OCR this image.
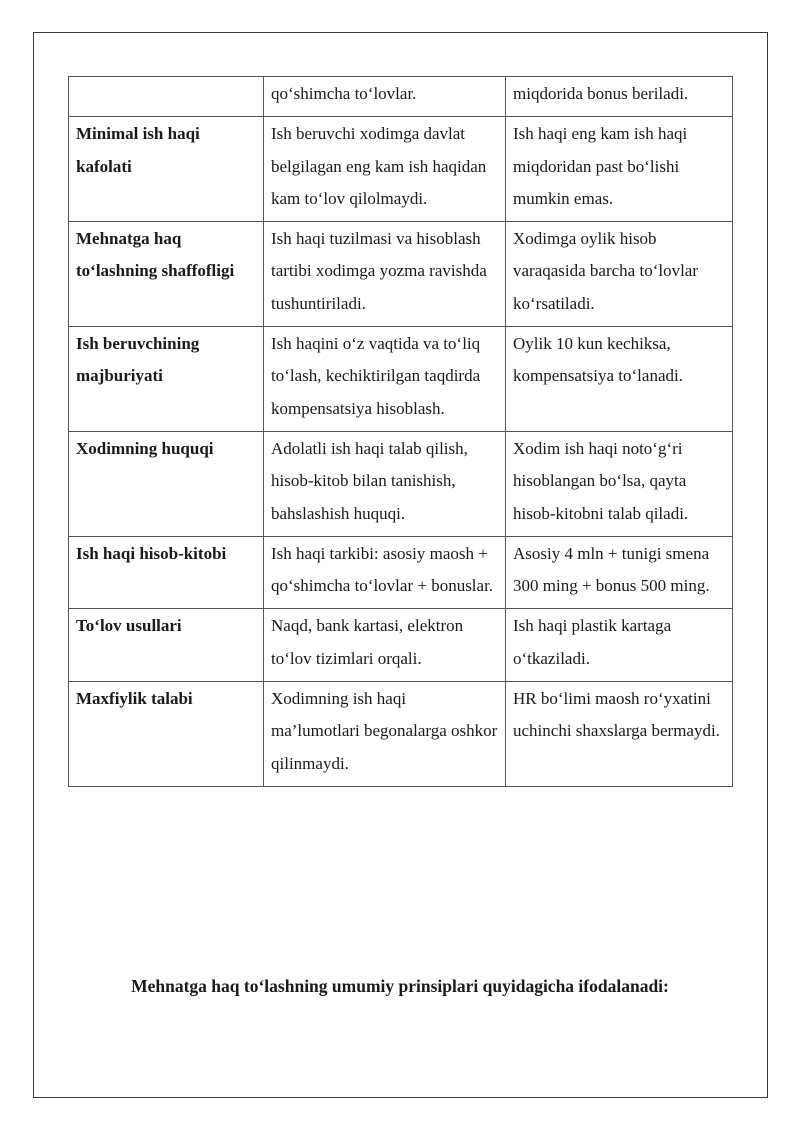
	qo‘shimcha to‘lovlar.	miqdorida bonus beriladi.
Minimal ish haqi kafolati	Ish beruvchi xodimga davlat belgilagan eng kam ish haqidan kam to‘lov qilolmaydi.	Ish haqi eng kam ish haqi miqdoridan past bo‘lishi mumkin emas.
Mehnatga haq to‘lashning shaffofligi	Ish haqi tuzilmasi va hisoblash tartibi xodimga yozma ravishda tushuntiriladi.	Xodimga oylik hisob varaqasida barcha to‘lovlar ko‘rsatiladi.
Ish beruvchining majburiyati	Ish haqini o‘z vaqtida va to‘liq to‘lash, kechiktirilgan taqdirda kompensatsiya hisoblash.	Oylik 10 kun kechiksa, kompensatsiya to‘lanadi.
Xodimning huquqi	Adolatli ish haqi talab qilish, hisob-kitob bilan tanishish, bahslashish huquqi.	Xodim ish haqi noto‘g‘ri hisoblangan bo‘lsa, qayta hisob-kitobni talab qiladi.
Ish haqi hisob-kitobi	Ish haqi tarkibi: asosiy maosh + qo‘shimcha to‘lovlar + bonuslar.	Asosiy 4 mln + tunigi smena 300 ming + bonus 500 ming.
To‘lov usullari	Naqd, bank kartasi, elektron to‘lov tizimlari orqali.	Ish haqi plastik kartaga o‘tkaziladi.
Maxfiylik talabi	Xodimning ish haqi ma’lumotlari begonalarga oshkor qilinmaydi.	HR bo‘limi maosh ro‘yxatini uchinchi shaxslarga bermaydi.
Mehnatga haq to‘lashning umumiy prinsiplari quyidagicha ifodalanadi:
